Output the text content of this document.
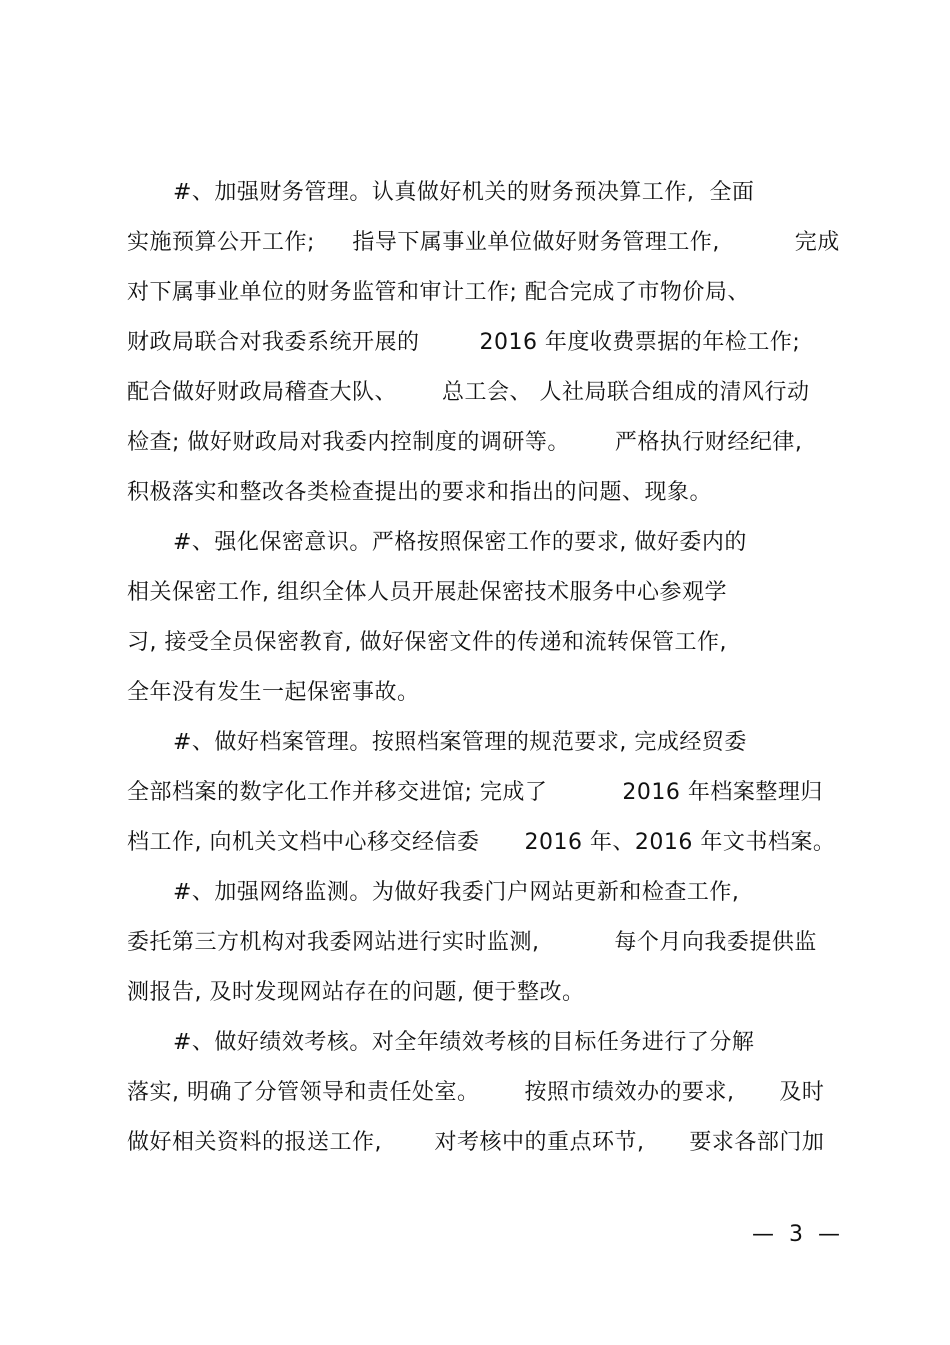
#、加强财务管理。认真做好机关的财务预决算工作,  全面
实施预算公开工作;     指导下属事业单位做好财务管理工作,          完成
对下属事业单位的财务监管和审计工作; 配合完成了市物价局、
财政局联合对我委系统开展的        2016 年度收费票据的年检工作;
配合做好财政局稽查大队、      总工会、 人社局联合组成的清风行动
检查; 做好财政局对我委内控制度的调研等。      严格执行财经纪律,
积极落实和整改各类检查提出的要求和指出的问题、现象。
#、强化保密意识。严格按照保密工作的要求, 做好委内的
相关保密工作, 组织全体人员开展赴保密技术服务中心参观学
习, 接受全员保密教育, 做好保密文件的传递和流转保管工作,
全年没有发生一起保密事故。
#、做好档案管理。按照档案管理的规范要求, 完成经贸委
全部档案的数字化工作并移交进馆; 完成了          2016 年档案整理归
档工作, 向机关文档中心移交经信委      2016 年、2016 年文书档案。
#、加强网络监测。为做好我委门户网站更新和检查工作,
委托第三方机构对我委网站进行实时监测,          每个月向我委提供监
测报告, 及时发现网站存在的问题, 便于整改。
#、做好绩效考核。对全年绩效考核的目标任务进行了分解
落实, 明确了分管领导和责任处室。      按照市绩效办的要求,      及时
做好相关资料的报送工作,       对考核中的重点环节,      要求各部门加
— 3 —
